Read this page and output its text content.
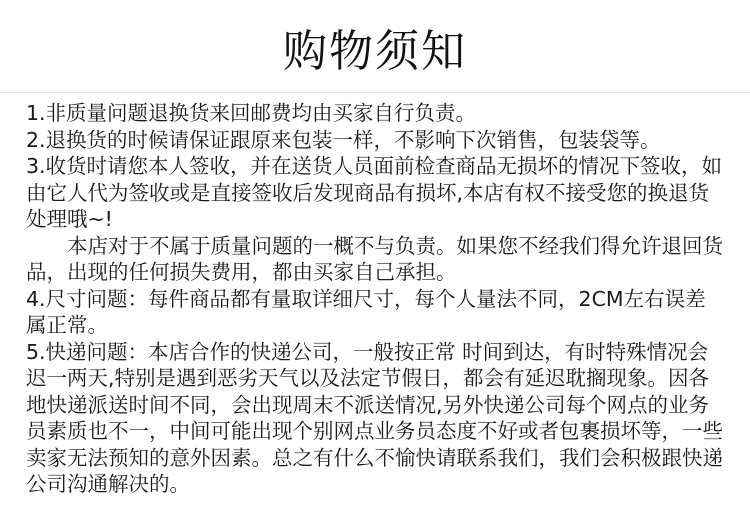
购物须知

1.非质量问题退换货来回邮费均由买家自行负责。

2.退换货的时候请保证跟原来包装一样，不影响下次销售，包装袋等。

3.收货时请您本人签收，并在送货人员面前检查商品无损坏的情况下签收，如由它人代为签收或是直接签收后发现商品有损坏,本店有权不接受您的换退货处理哦~!

本店对于不属于质量问题的一概不与负责。如果您不经我们得允许退回货品，出现的任何损失费用，都由买家自己承担。

4.尺寸问题：每件商品都有量取详细尺寸，每个人量法不同，2CM左右误差属正常。

5.快递问题：本店合作的快递公司，一般按正常 时间到达，有时特殊情况会迟一两天,特别是遇到恶劣天气以及法定节假日，都会有延迟耽搁现象。因各地快递派送时间不同，会出现周末不派送情况,另外快递公司每个网点的业务员素质也不一，中间可能出现个别网点业务员态度不好或者包裹损坏等，一些卖家无法预知的意外因素。总之有什么不愉快请联系我们，我们会积极跟快递公司沟通解决的。
